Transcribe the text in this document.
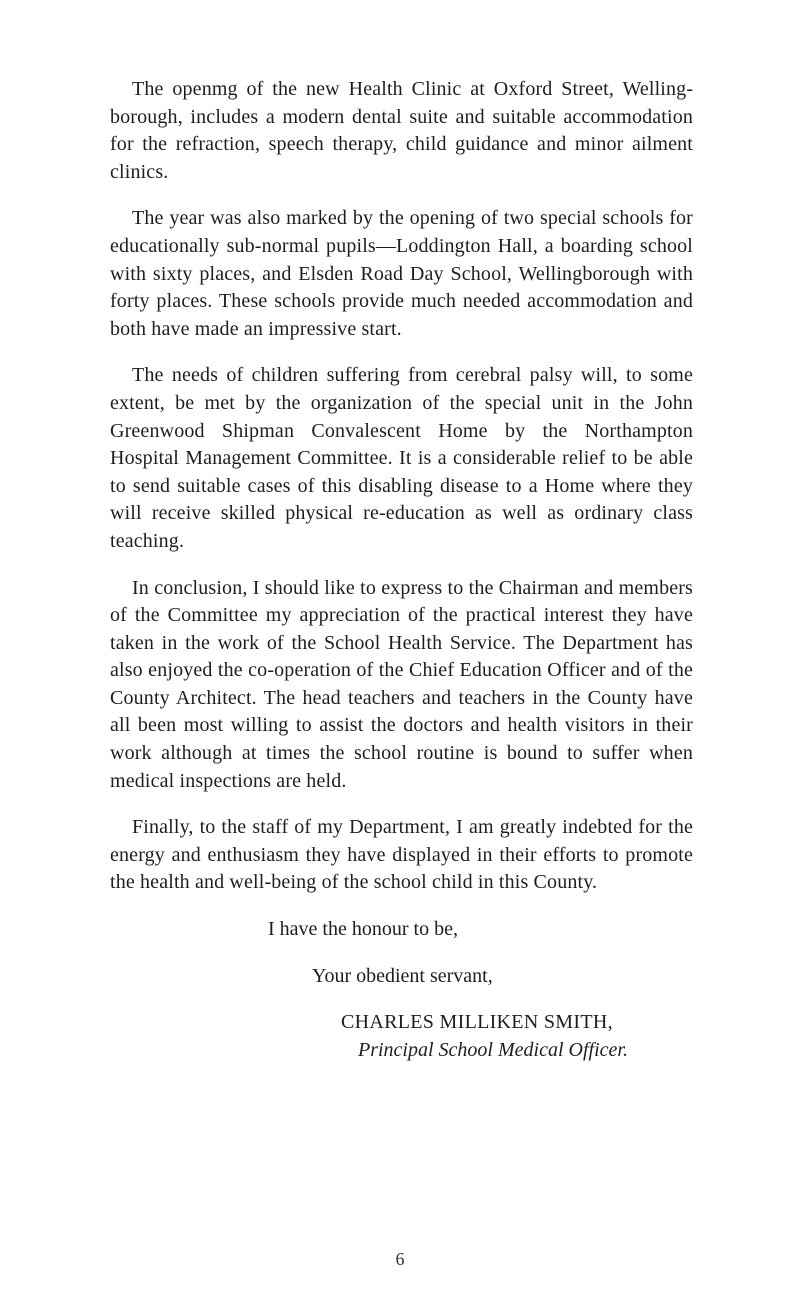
The openmg of the new Health Clinic at Oxford Street, Wellingborough, includes a modern dental suite and suitable accommodation for the refraction, speech therapy, child guidance and minor ailment clinics.

The year was also marked by the opening of two special schools for educationally sub-normal pupils—Loddington Hall, a boarding school with sixty places, and Elsden Road Day School, Wellingborough with forty places. These schools provide much needed accommodation and both have made an impressive start.

The needs of children suffering from cerebral palsy will, to some extent, be met by the organization of the special unit in the John Greenwood Shipman Convalescent Home by the Northampton Hospital Management Committee. It is a considerable relief to be able to send suitable cases of this disabling disease to a Home where they will receive skilled physical re-education as well as ordinary class teaching.

In conclusion, I should like to express to the Chairman and members of the Committee my appreciation of the practical interest they have taken in the work of the School Health Service. The Department has also enjoyed the co-operation of the Chief Education Officer and of the County Architect. The head teachers and teachers in the County have all been most willing to assist the doctors and health visitors in their work although at times the school routine is bound to suffer when medical inspections are held.

Finally, to the staff of my Department, I am greatly indebted for the energy and enthusiasm they have displayed in their efforts to promote the health and well-being of the school child in this County.

I have the honour to be,

Your obedient servant,

CHARLES MILLIKEN SMITH,

Principal School Medical Officer.

6
